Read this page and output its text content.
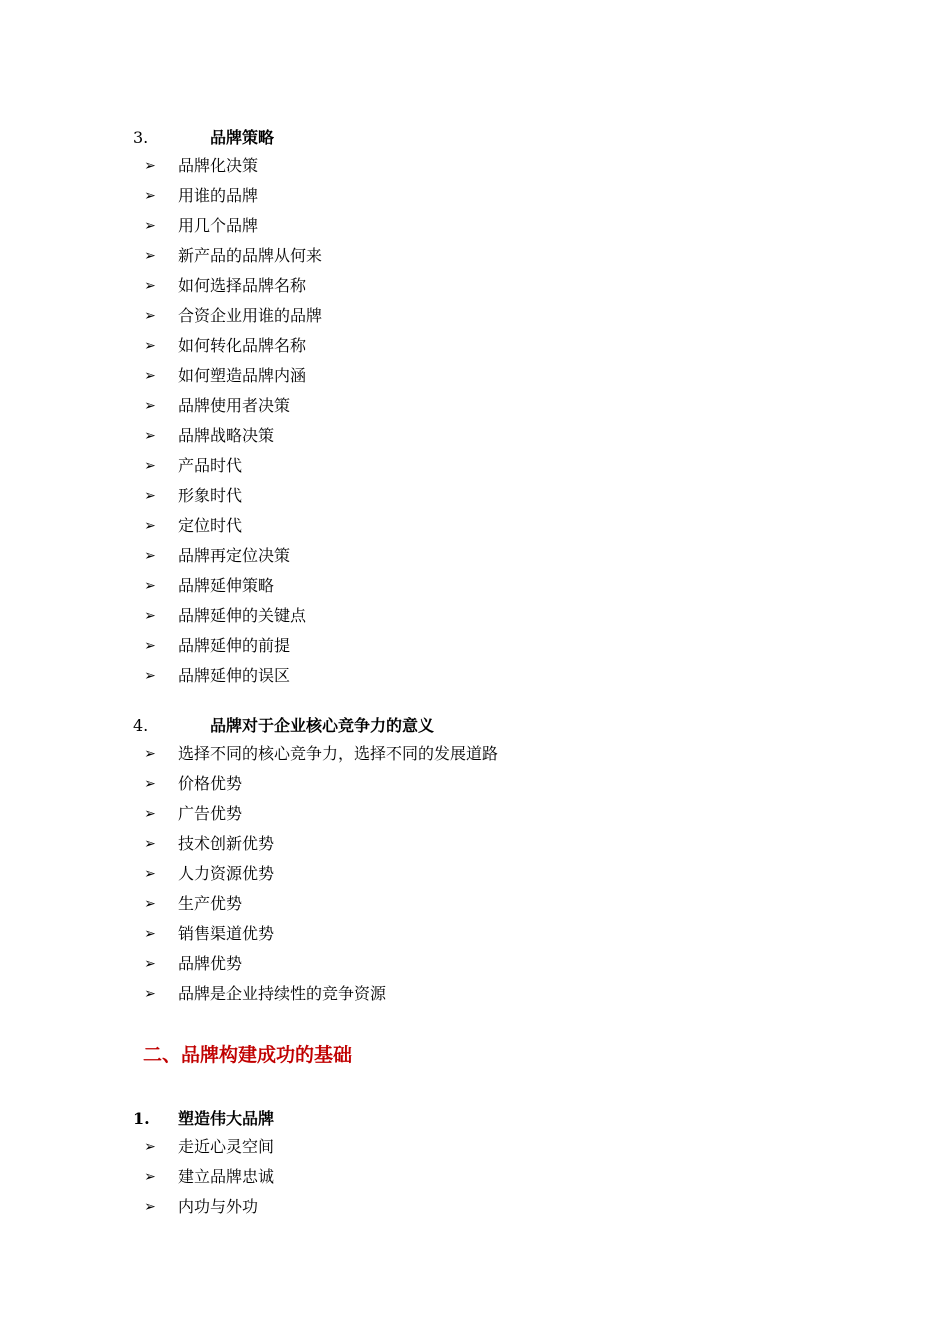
3.	品牌策略
➢ 品牌化决策
➢ 用谁的品牌
➢ 用几个品牌
➢ 新产品的品牌从何来
➢ 如何选择品牌名称
➢ 合资企业用谁的品牌
➢ 如何转化品牌名称
➢ 如何塑造品牌内涵
➢ 品牌使用者决策
➢ 品牌战略决策
➢ 产品时代
➢ 形象时代
➢ 定位时代
➢ 品牌再定位决策
➢ 品牌延伸策略
➢ 品牌延伸的关键点
➢ 品牌延伸的前提
➢ 品牌延伸的误区
4.	品牌对于企业核心竞争力的意义
➢ 选择不同的核心竞争力，选择不同的发展道路
➢ 价格优势
➢ 广告优势
➢ 技术创新优势
➢ 人力资源优势
➢ 生产优势
➢ 销售渠道优势
➢ 品牌优势
➢ 品牌是企业持续性的竞争资源
二、品牌构建成功的基础
1. 塑造伟大品牌
➢ 走近心灵空间
➢ 建立品牌忠诚
➢ 内功与外功
